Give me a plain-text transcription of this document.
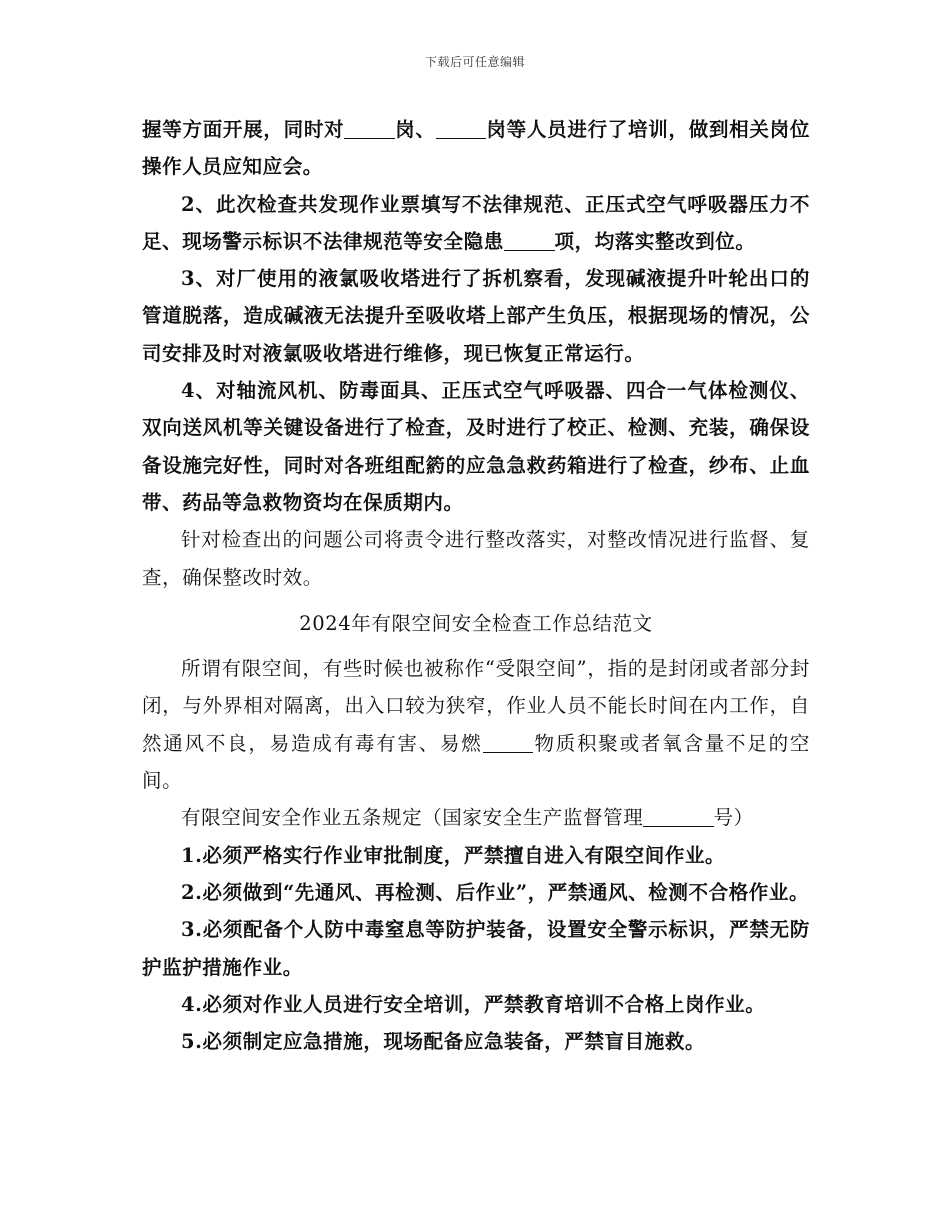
下载后可任意编辑

握等方面开展，同时对	岗、	岗等人员进行了培训，做到相关岗位操作人员应知应会。

2、此次检查共发现作业票填写不法律规范、正压式空气呼吸器压力不足、现场警示标识不法律规范等安全隐患	项，均落实整改到位。

3、对厂使用的液氯吸收塔进行了拆机察看，发现碱液提升叶轮出口的管道脱落，造成碱液无法提升至吸收塔上部产生负压，根据现场的情况，公司安排及时对液氯吸收塔进行维修，现已恢复正常运行。

4、对轴流风机、防毒面具、正压式空气呼吸器、四合一气体检测仪、双向送风机等关键设备进行了检查，及时进行了校正、检测、充装，确保设备设施完好性，同时对各班组配箹的应急急救药箱进行了检查，纱布、止血带、药品等急救物资均在保质期内。

针对检查出的问题公司将责令进行整改落实，对整改情况进行监督、复查，确保整改时效。

2024年有限空间安全检查工作总结范文

所谓有限空间，有些时候也被称作“受限空间”，指的是封闭或者部分封闭，与外界相对隔离，出入口较为狭窄，作业人员不能长时间在内工作，自然通风不良，易造成有毒有害、易燃	物质积聚或者氧含量不足的空间。

有限空间安全作业五条规定（国家安全生产监督管理	号）

1.必须严格实行作业审批制度，严禁擅自进入有限空间作业。

2.必须做到“先通风、再检测、后作业”，严禁通风、检测不合格作业。

3.必须配备个人防中毒窒息等防护装备，设置安全警示标识，严禁无防护监护措施作业。

4.必须对作业人员进行安全培训，严禁教育培训不合格上岗作业。

5.必须制定应急措施，现场配备应急装备，严禁盲目施救。
